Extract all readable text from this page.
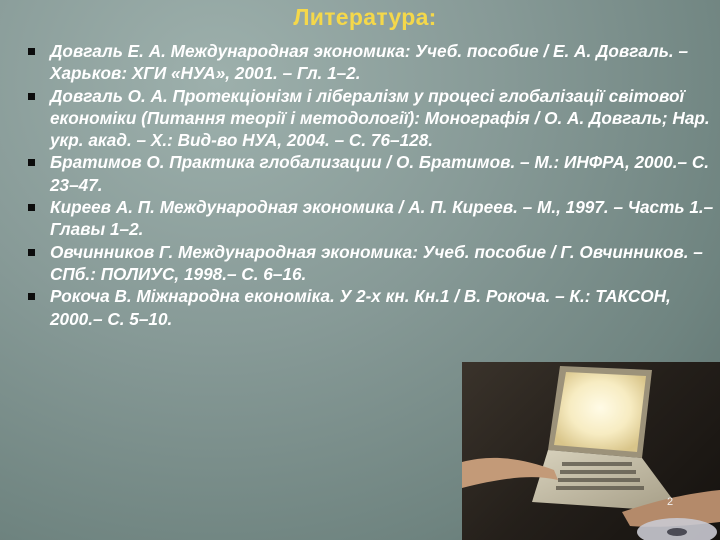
Литература:
Довгаль Е. А. Международная экономика: Учеб. пособие / Е. А. Довгаль. – Харьков: ХГИ «НУА», 2001. – Гл. 1–2.
Довгаль О. А. Протекціонізм і лібералізм у процесі глобалізації світової економіки (Питання теорії і методології): Монографія / О. А. Довгаль; Нар. укр. акад. – Х.: Вид-во НУА, 2004. – С. 76–128.
Братимов О. Практика глобализации / О. Братимов. – М.: ИНФРА, 2000.– С. 23–47.
Киреев А. П. Международная экономика / А. П. Киреев. – М., 1997. – Часть 1.– Главы 1–2.
Овчинников Г. Международная экономика: Учеб. пособие / Г. Овчинников. – СПб.: ПОЛИУС, 1998.– С. 6–16.
Рокоча В. Міжнародна економіка. У 2-х кн. Кн.1 / В. Рокоча. – К.: ТАКСОН, 2000.– С. 5–10.
2
